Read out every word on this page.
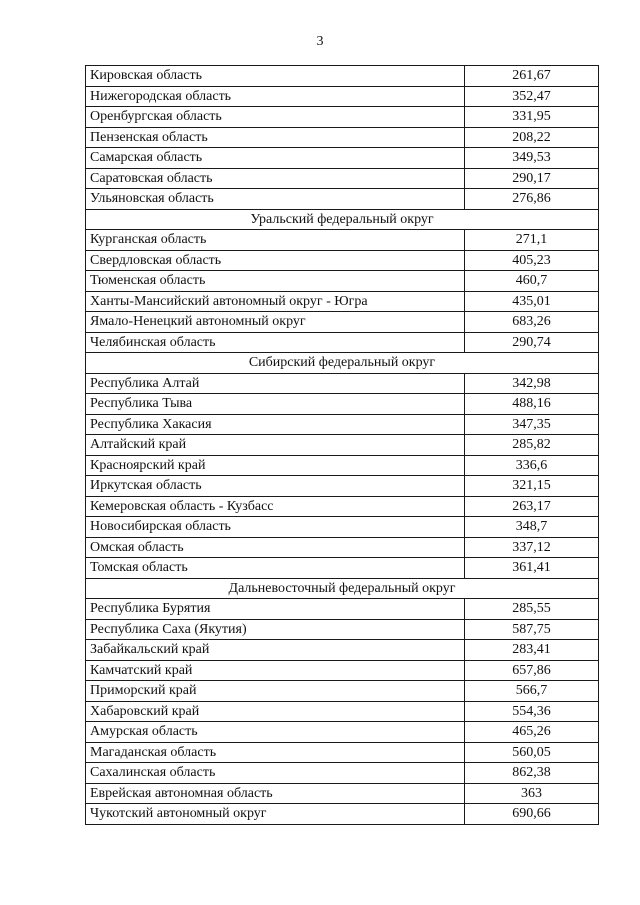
3
Кировская область	261,67
Нижегородская область	352,47
Оренбургская область	331,95
Пензенская область	208,22
Самарская область	349,53
Саратовская область	290,17
Ульяновская область	276,86
Уральский федеральный округ	
Курганская область	271,1
Свердловская область	405,23
Тюменская область	460,7
Ханты-Мансийский автономный округ - Югра	435,01
Ямало-Ненецкий автономный округ	683,26
Челябинская область	290,74
Сибирский федеральный округ	
Республика Алтай	342,98
Республика Тыва	488,16
Республика Хакасия	347,35
Алтайский край	285,82
Красноярский край	336,6
Иркутская область	321,15
Кемеровская область - Кузбасс	263,17
Новосибирская область	348,7
Омская область	337,12
Томская область	361,41
Дальневосточный федеральный округ	
Республика Бурятия	285,55
Республика Саха (Якутия)	587,75
Забайкальский край	283,41
Камчатский край	657,86
Приморский край	566,7
Хабаровский край	554,36
Амурская область	465,26
Магаданская область	560,05
Сахалинская область	862,38
Еврейская автономная область	363
Чукотский автономный округ	690,66
